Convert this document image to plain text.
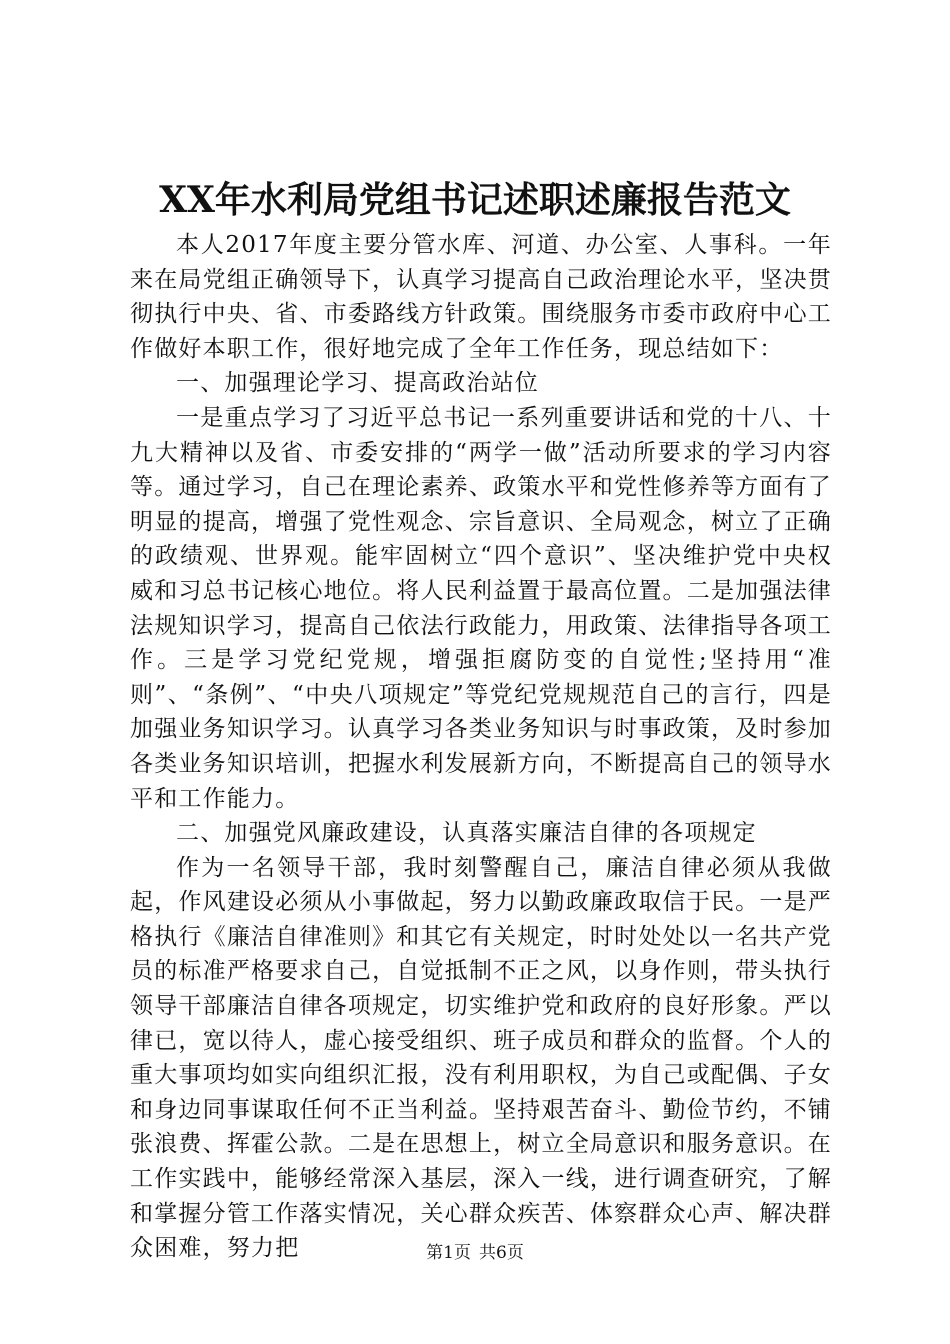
XX年水利局党组书记述职述廉报告范文

本人2017年度主要分管水库、河道、办公室、人事科。一年来在局党组正确领导下，认真学习提高自己政治理论水平，坚决贯彻执行中央、省、市委路线方针政策。围绕服务市委市政府中心工作做好本职工作，很好地完成了全年工作任务，现总结如下：

一、加强理论学习、提高政治站位

一是重点学习了习近平总书记一系列重要讲话和党的十八、十九大精神以及省、市委安排的“两学一做”活动所要求的学习内容等。通过学习，自己在理论素养、政策水平和党性修养等方面有了明显的提高，增强了党性观念、宗旨意识、全局观念，树立了正确的政绩观、世界观。能牢固树立“四个意识”、坚决维护党中央权威和习总书记核心地位。将人民利益置于最高位置。二是加强法律法规知识学习，提高自己依法行政能力，用政策、法律指导各项工作。三是学习党纪党规，增强拒腐防变的自觉性;坚持用“准则”、“条例”、“中央八项规定”等党纪党规规范自己的言行，四是加强业务知识学习。认真学习各类业务知识与时事政策，及时参加各类业务知识培训，把握水利发展新方向，不断提高自己的领导水平和工作能力。

二、加强党风廉政建设，认真落实廉洁自律的各项规定

作为一名领导干部，我时刻警醒自己，廉洁自律必须从我做起，作风建设必须从小事做起，努力以勤政廉政取信于民。一是严格执行《廉洁自律准则》和其它有关规定，时时处处以一名共产党员的标准严格要求自己，自觉抵制不正之风，以身作则，带头执行领导干部廉洁自律各项规定，切实维护党和政府的良好形象。严以律已，宽以待人，虚心接受组织、班子成员和群众的监督。个人的重大事项均如实向组织汇报，没有利用职权，为自己或配偶、子女和身边同事谋取任何不正当利益。坚持艰苦奋斗、勤俭节约，不铺张浪费、挥霍公款。二是在思想上，树立全局意识和服务意识。在工作实践中，能够经常深入基层，深入一线，进行调查研究，了解和掌握分管工作落实情况，关心群众疾苦、体察群众心声、解决群众困难，努力把	第1页 共6页
